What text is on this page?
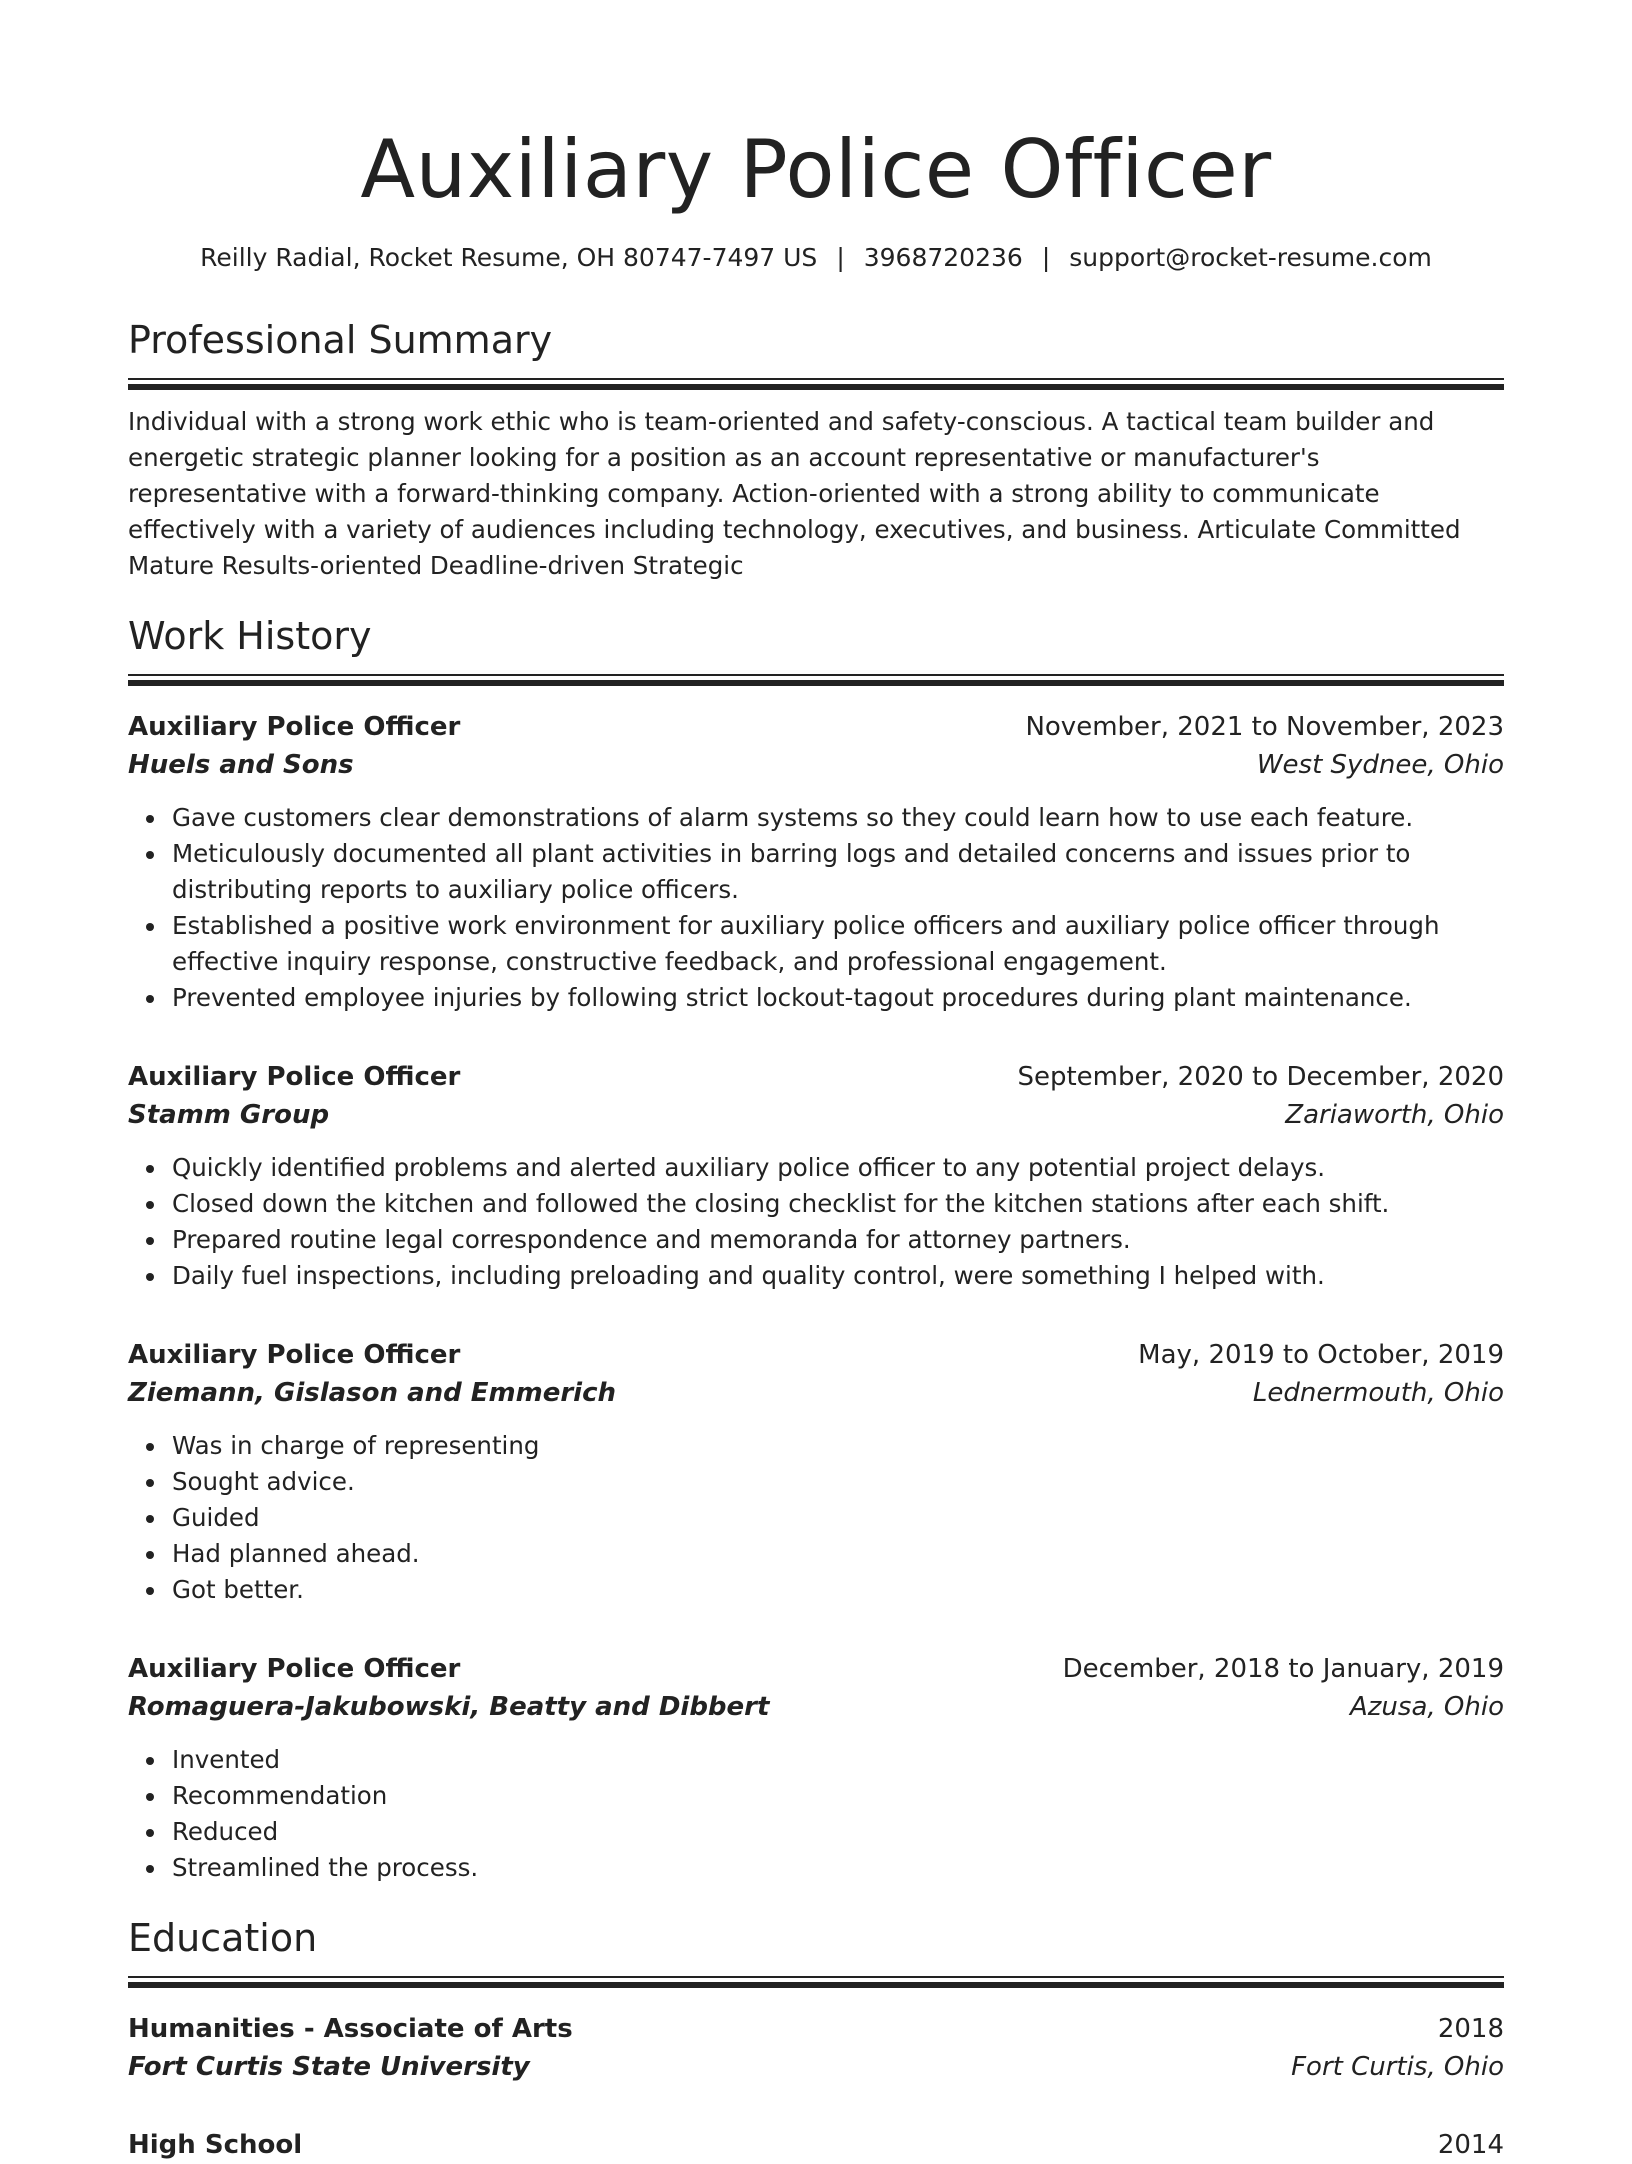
Auxiliary Police Officer
Reilly Radial, Rocket Resume, OH 80747-7497 US | 3968720236 | support@rocket-resume.com
Professional Summary

Individual with a strong work ethic who is team-oriented and safety-conscious. A tactical team builder and energetic strategic planner looking for a position as an account representative or manufacturer's representative with a forward-thinking company. Action-oriented with a strong ability to communicate effectively with a variety of audiences including technology, executives, and business. Articulate Committed Mature Results-oriented Deadline-driven Strategic

Work History
Auxiliary Police Officer	November, 2021 to November, 2023
Huels and Sons	West Sydnee, Ohio
Gave customers clear demonstrations of alarm systems so they could learn how to use each feature.
Meticulously documented all plant activities in barring logs and detailed concerns and issues prior to distributing reports to auxiliary police officers.
Established a positive work environment for auxiliary police officers and auxiliary police officer through effective inquiry response, constructive feedback, and professional engagement.
Prevented employee injuries by following strict lockout-tagout procedures during plant maintenance.
Auxiliary Police Officer	September, 2020 to December, 2020
Stamm Group	Zariaworth, Ohio
Quickly identified problems and alerted auxiliary police officer to any potential project delays.
Closed down the kitchen and followed the closing checklist for the kitchen stations after each shift.
Prepared routine legal correspondence and memoranda for attorney partners.
Daily fuel inspections, including preloading and quality control, were something I helped with.
Auxiliary Police Officer	May, 2019 to October, 2019
Ziemann, Gislason and Emmerich	Lednermouth, Ohio
Was in charge of representing
Sought advice.
Guided
Had planned ahead.
Got better.
Auxiliary Police Officer	December, 2018 to January, 2019
Romaguera-Jakubowski, Beatty and Dibbert	Azusa, Ohio
Invented
Recommendation
Reduced
Streamlined the process.
Education
Humanities - Associate of Arts	2018
Fort Curtis State University	Fort Curtis, Ohio
High School	2014
